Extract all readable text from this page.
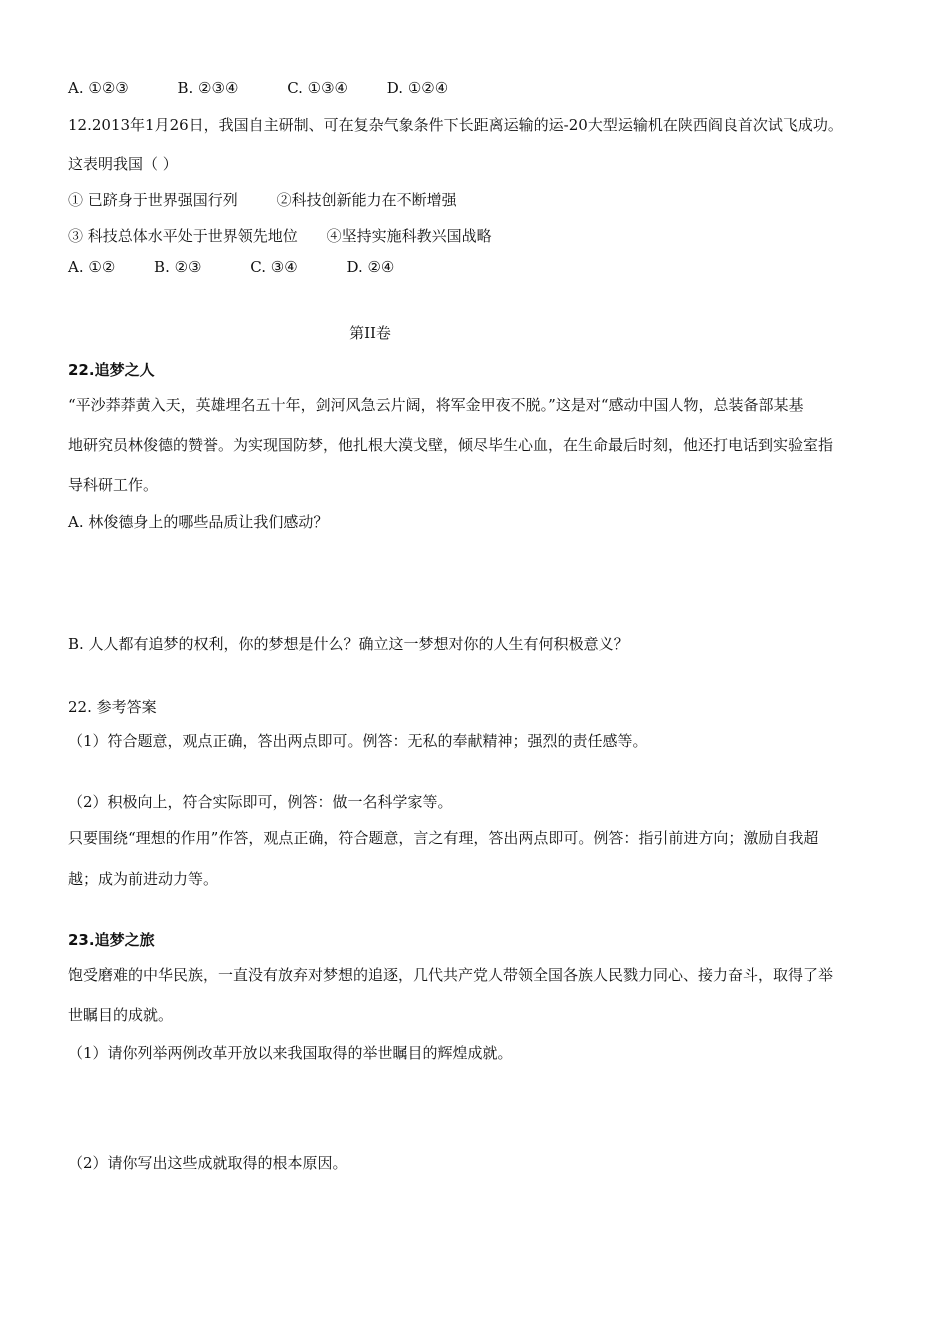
A. ①②③	B. ②③④	C. ①③④	D. ①②④
12.2013年1月26日，我国自主研制、可在复杂气象条件下长距离运输的运-20大型运输机在陕西阎良首次试飞成功。
这表明我国（ ）
① 已跻身于世界强国行列	②科技创新能力在不断增强
③ 科技总体水平处于世界领先地位 ④坚持实施科教兴国战略
A. ①②	B. ②③	C. ③④	D. ②④
第II卷
22.追梦之人
“平沙莽莽黄入天，英雄埋名五十年，剑河风急云片阔，将军金甲夜不脱。”这是对“感动中国人物，总装备部某基
地研究员林俊德的赞誉。为实现国防梦，他扎根大漠戈壁，倾尽毕生心血，在生命最后时刻，他还打电话到实验室指
导科研工作。
A. 林俊德身上的哪些品质让我们感动？
B. 人人都有追梦的权利，你的梦想是什么？确立这一梦想对你的人生有何积极意义？
22. 参考答案
（1）符合题意，观点正确，答出两点即可。例答：无私的奉献精神；强烈的责任感等。
（2）积极向上，符合实际即可，例答：做一名科学家等。
只要围绕“理想的作用”作答，观点正确，符合题意，言之有理，答出两点即可。例答：指引前进方向；激励自我超
越；成为前进动力等。
23.追梦之旅
饱受磨难的中华民族，一直没有放弃对梦想的追逐，几代共产党人带领全国各族人民戮力同心、接力奋斗，取得了举
世瞩目的成就。
（1）请你列举两例改革开放以来我国取得的举世瞩目的辉煌成就。
（2）请你写出这些成就取得的根本原因。
